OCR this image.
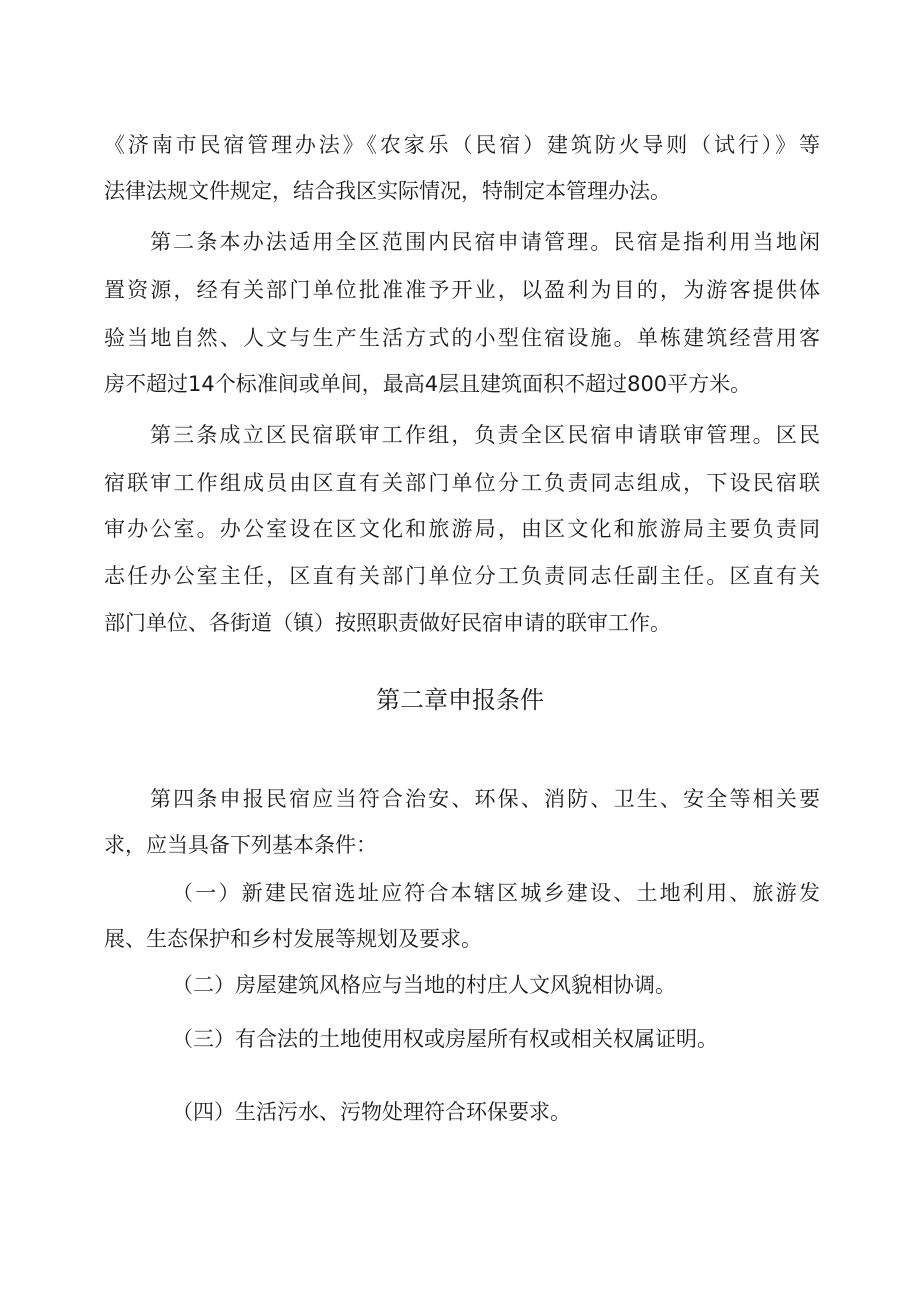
《济南市民宿管理办法》《农家乐（民宿）建筑防火导则（试行）》等
法律法规文件规定，结合我区实际情况，特制定本管理办法。
第二条本办法适用全区范围内民宿申请管理。民宿是指利用当地闲
置资源，经有关部门单位批准准予开业，以盈利为目的，为游客提供体
验当地自然、人文与生产生活方式的小型住宿设施。单栋建筑经营用客
房不超过14个标准间或单间，最高4层且建筑面积不超过800平方米。
第三条成立区民宿联审工作组，负责全区民宿申请联审管理。区民
宿联审工作组成员由区直有关部门单位分工负责同志组成，下设民宿联
审办公室。办公室设在区文化和旅游局，由区文化和旅游局主要负责同
志任办公室主任，区直有关部门单位分工负责同志任副主任。区直有关
部门单位、各街道（镇）按照职责做好民宿申请的联审工作。
第二章申报条件
第四条申报民宿应当符合治安、环保、消防、卫生、安全等相关要
求，应当具备下列基本条件：
（一）新建民宿选址应符合本辖区城乡建设、土地利用、旅游发
展、生态保护和乡村发展等规划及要求。
（二）房屋建筑风格应与当地的村庄人文风貌相协调。
（三）有合法的土地使用权或房屋所有权或相关权属证明。
（四）生活污水、污物处理符合环保要求。
